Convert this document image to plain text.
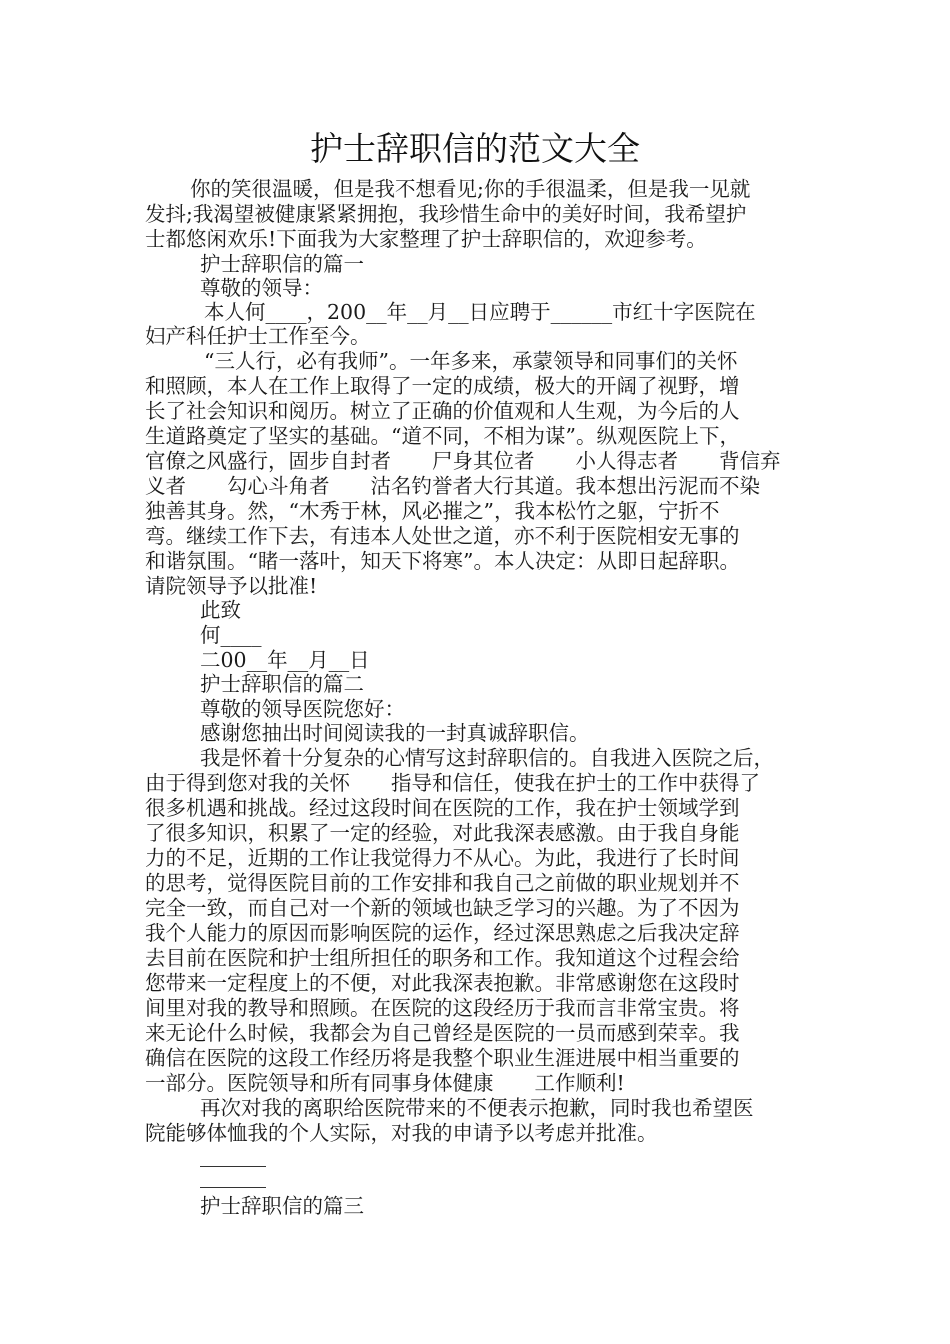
护士辞职信的范文大全
你的笑很温暖，但是我不想看见;你的手很温柔，但是我一见就
发抖;我渴望被健康紧紧拥抱，我珍惜生命中的美好时间，我希望护
士都悠闲欢乐!下面我为大家整理了护士辞职信的，欢迎参考。
护士辞职信的篇一
尊敬的领导：
本人何____，200__年__月__日应聘于______市红十字医院在
妇产科任护士工作至今。
“三人行，必有我师”。一年多来，承蒙领导和同事们的关怀
和照顾，本人在工作上取得了一定的成绩，极大的开阔了视野，增
长了社会知识和阅历。树立了正确的价值观和人生观，为今后的人
生道路奠定了坚实的基础。“道不同，不相为谋”。纵观医院上下，
官僚之风盛行，固步自封者　　尸身其位者　　小人得志者　　背信弃
义者　　勾心斗角者　　沽名钓誉者大行其道。我本想出污泥而不染
独善其身。然，“木秀于林，风必摧之”，我本松竹之躯，宁折不
弯。继续工作下去，有违本人处世之道，亦不利于医院相安无事的
和谐氛围。“睹一落叶，知天下将寒”。本人决定：从即日起辞职。
请院领导予以批准!
此致
何____
二00__年__月__日
护士辞职信的篇二
尊敬的领导医院您好：
感谢您抽出时间阅读我的一封真诚辞职信。
我是怀着十分复杂的心情写这封辞职信的。自我进入医院之后，
由于得到您对我的关怀　　指导和信任，使我在护士的工作中获得了
很多机遇和挑战。经过这段时间在医院的工作，我在护士领域学到
了很多知识，积累了一定的经验，对此我深表感激。由于我自身能
力的不足，近期的工作让我觉得力不从心。为此，我进行了长时间
的思考，觉得医院目前的工作安排和我自己之前做的职业规划并不
完全一致，而自己对一个新的领域也缺乏学习的兴趣。为了不因为
我个人能力的原因而影响医院的运作，经过深思熟虑之后我决定辞
去目前在医院和护士组所担任的职务和工作。我知道这个过程会给
您带来一定程度上的不便，对此我深表抱歉。非常感谢您在这段时
间里对我的教导和照顾。在医院的这段经历于我而言非常宝贵。将
来无论什么时候，我都会为自己曾经是医院的一员而感到荣幸。我
确信在医院的这段工作经历将是我整个职业生涯进展中相当重要的
一部分。医院领导和所有同事身体健康　　工作顺利!
再次对我的离职给医院带来的不便表示抱歉，同时我也希望医
院能够体恤我的个人实际，对我的申请予以考虑并批准。
护士辞职信的篇三
